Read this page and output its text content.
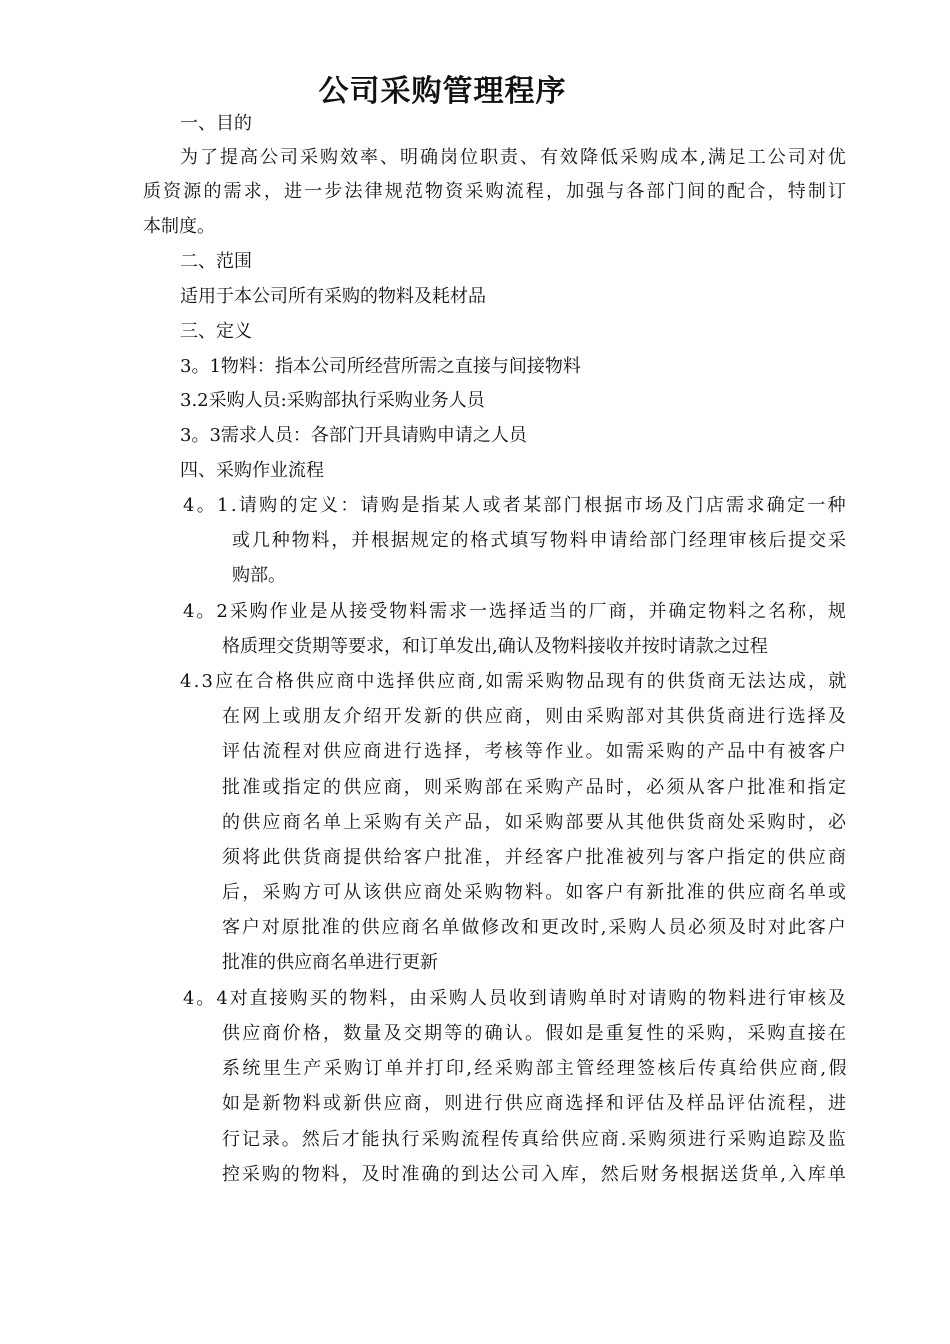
公司采购管理程序

一、目的

为了提高公司采购效率、明确岗位职责、有效降低采购成本,满足工公司对优

质资源的需求，进一步法律规范物资采购流程，加强与各部门间的配合，特制订

本制度。

二、范围

适用于本公司所有采购的物料及耗材品

三、定义

3。1物料：指本公司所经营所需之直接与间接物料

3.2采购人员:采购部执行采购业务人员

3。3需求人员：各部门开具请购申请之人员

四、采购作业流程

4。1.请购的定义：请购是指某人或者某部门根据市场及门店需求确定一种

或几种物料，并根据规定的格式填写物料申请给部门经理审核后提交采

购部。

4。2采购作业是从接受物料需求一选择适当的厂商，并确定物料之名称，规

格质理交货期等要求，和订单发出,确认及物料接收并按时请款之过程

4.3应在合格供应商中选择供应商,如需采购物品现有的供货商无法达成，就

在网上或朋友介绍开发新的供应商，则由采购部对其供货商进行选择及

评估流程对供应商进行选择，考核等作业。如需采购的产品中有被客户

批准或指定的供应商，则采购部在采购产品时，必须从客户批准和指定

的供应商名单上采购有关产品，如采购部要从其他供货商处采购时，必

须将此供货商提供给客户批准，并经客户批准被列与客户指定的供应商

后，采购方可从该供应商处采购物料。如客户有新批准的供应商名单或

客户对原批准的供应商名单做修改和更改时,采购人员必须及时对此客户

批准的供应商名单进行更新

4。4对直接购买的物料，由采购人员收到请购单时对请购的物料进行审核及

供应商价格，数量及交期等的确认。假如是重复性的采购，采购直接在

系统里生产采购订单并打印,经采购部主管经理签核后传真给供应商,假

如是新物料或新供应商，则进行供应商选择和评估及样品评估流程，进

行记录。然后才能执行采购流程传真给供应商.采购须进行采购追踪及监

控采购的物料，及时准确的到达公司入库，然后财务根据送货单,入库单
